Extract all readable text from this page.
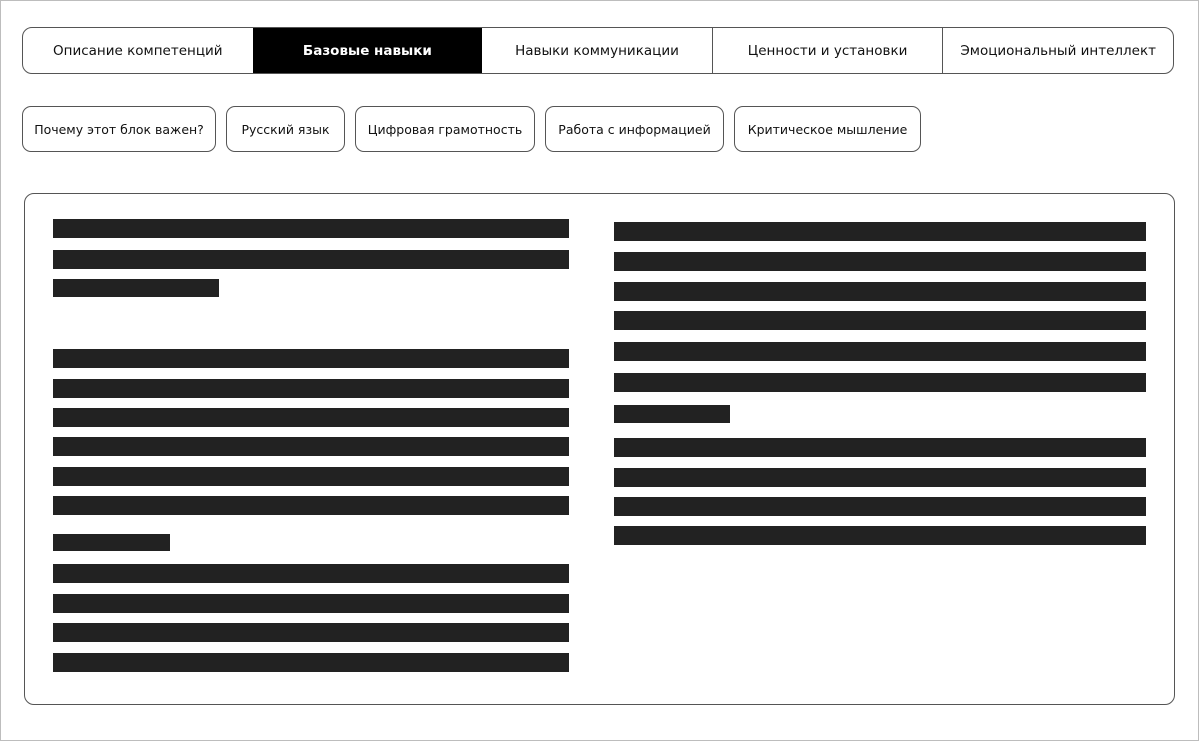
Описание компетенций	Базовые навыки	Навыки коммуникации	Ценности и установки	Эмоциональный интеллект
Почему этот блок важен?	Русский язык	Цифровая грамотность	Работа с информацией	Критическое мышление
